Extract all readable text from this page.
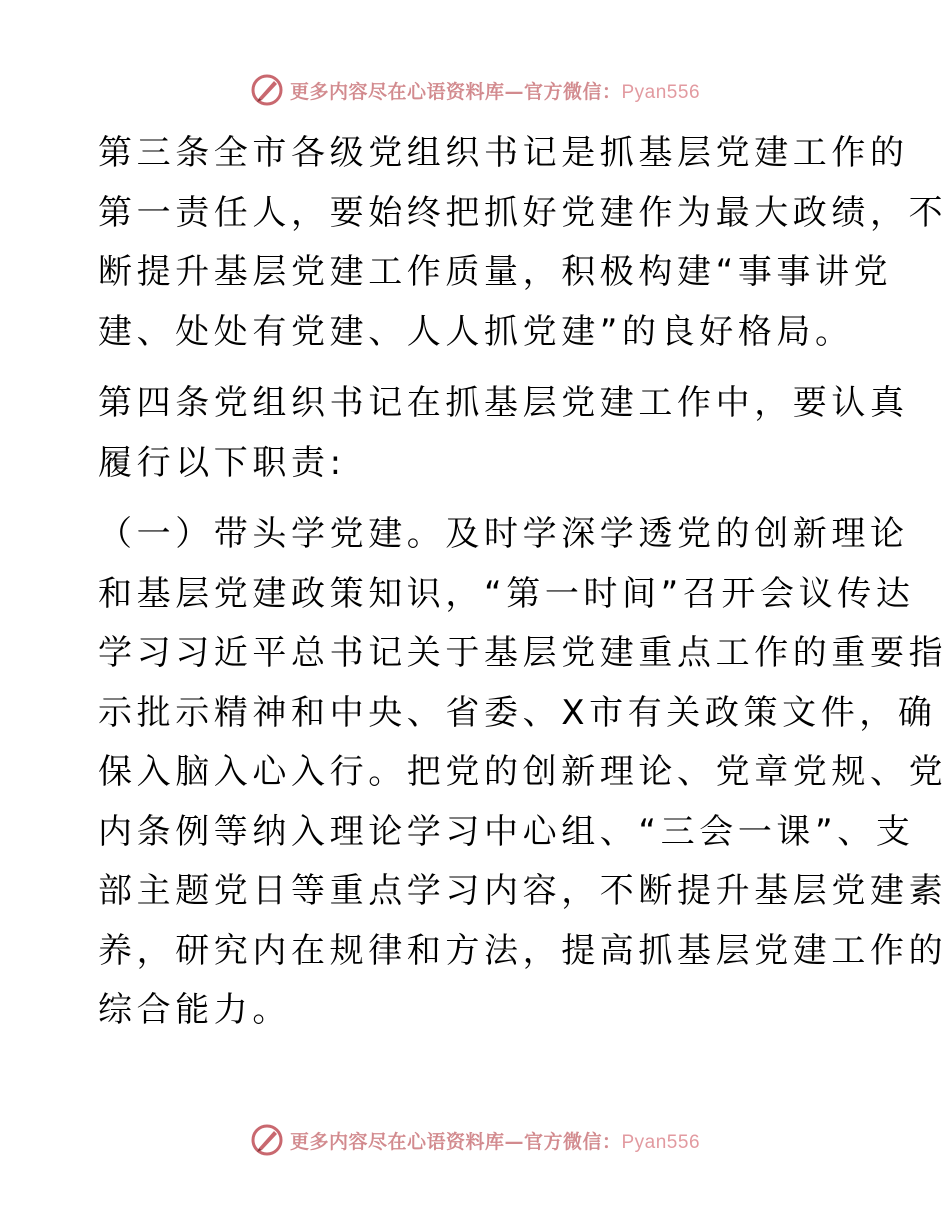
更多内容尽在心语资料库—官方微信：Pyan556

第三条全市各级党组织书记是抓基层党建工作的
第一责任人，要始终把抓好党建作为最大政绩，不
断提升基层党建工作质量，积极构建“事事讲党
建、处处有党建、人人抓党建”的良好格局。

第四条党组织书记在抓基层党建工作中，要认真
履行以下职责:

（一）带头学党建。及时学深学透党的创新理论
和基层党建政策知识，“第一时间”召开会议传达
学习习近平总书记关于基层党建重点工作的重要指
示批示精神和中央、省委、X市有关政策文件，确
保入脑入心入行。把党的创新理论、党章党规、党
内条例等纳入理论学习中心组、“三会一课”、支
部主题党日等重点学习内容，不断提升基层党建素
养，研究内在规律和方法，提高抓基层党建工作的
综合能力。

更多内容尽在心语资料库—官方微信：Pyan556
